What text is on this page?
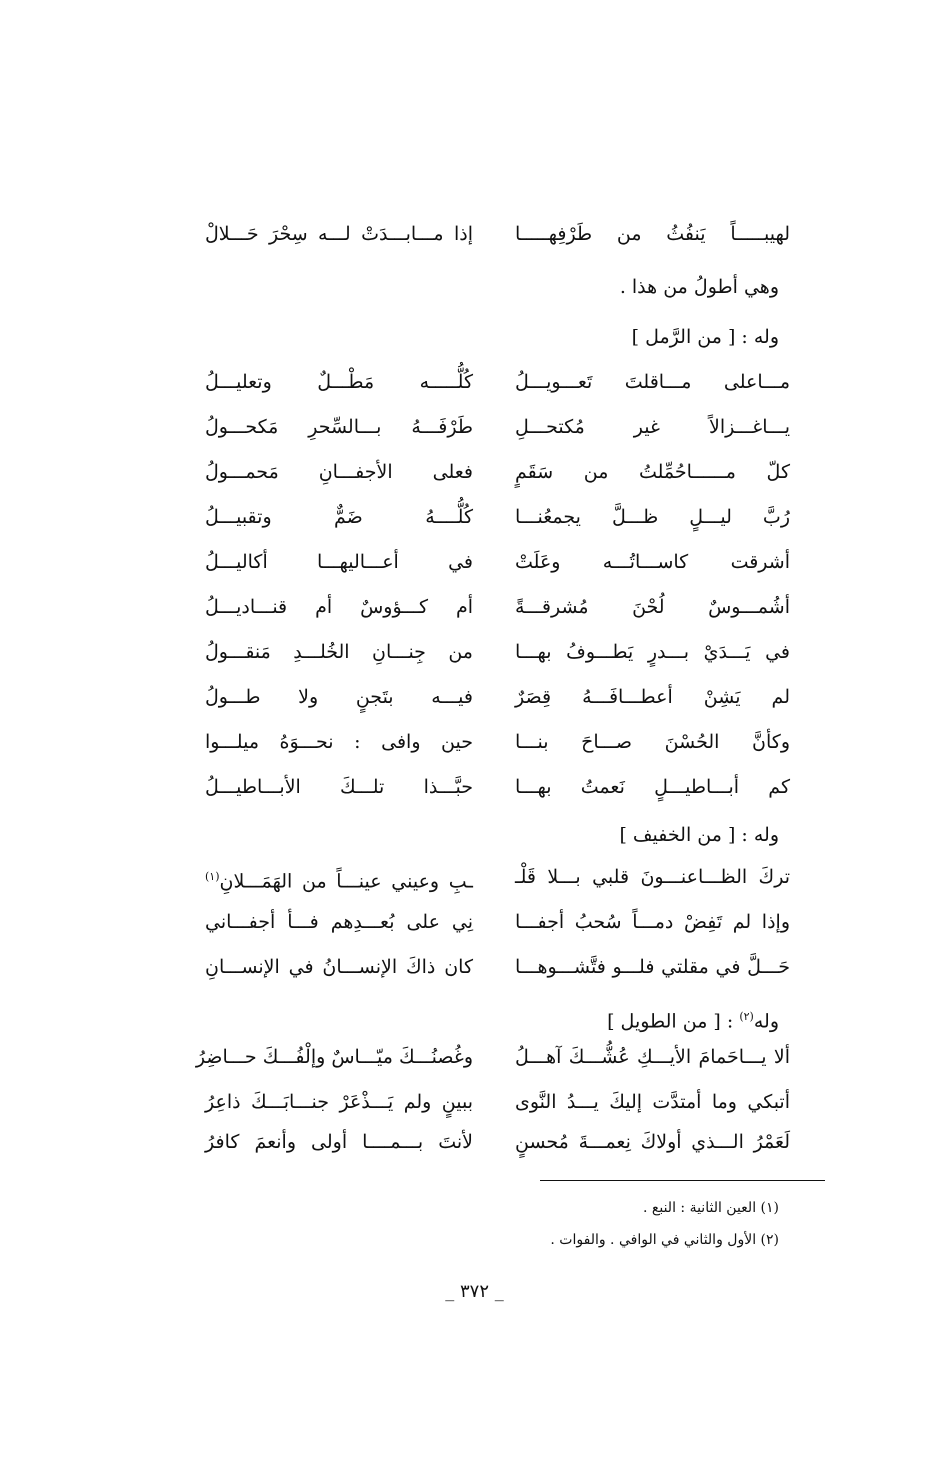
لهيبـــــاً يَنفُثُ من طَرْفِهـــــا
إذا مـــابـــدَتْ لـــه سِحْرَ حَـــلالْ
وهي أطولُ من هذا .
وله : [ من الرَّمل ]
مـــاعلى مـــاقلتَ تَعـــويـــلُ
كُلُّـــــه مَطْـــلٌ وتعليـــلُ
يـــاغـــزالاً غير مُكتحـــلِ
طَرْفَـــهُ بـــالسِّحرِ مَكحـــولُ
كلّ مــــــاحُمِّلتُ من سَقَمٍ
فعلى الأجفـــانِ مَحمـــولُ
رُبَّ ليـــلٍ ظـــلَّ يجمعُنـــا
كُلُّــــهُ ضَمٌّ وتقبيـــلُ
أشرقت كاســـاتُـــه وعَلَتْ
في أعـــاليهـــا أكاليـــلُ
أشُمـــوسٌ لُحْنَ مُشرقـــةً
أم كـــؤوسٌ أم قنـــاديـــلُ
في يَـــدَيْ بـــدرٍ يَطـــوفُ بهـــا
من جِنـــانِ الخُلـــدِ مَنقـــولُ
لم يَشِنْ أعطـــافَـــهُ قِصَرٌ
فيـــه بتَجنٍ ولا طـــولُ
وكأنَّ الحُسْنَ صـــاحَ بنـــا
حين وافى : نحـــوَهُ ميلـــوا
كم أبـــاطيـــلٍ نَعمتُ بهـــا
حبَّـــذا تلـــكَ الأبـــاطيـــلُ
وله : [ من الخفيف ]
تركَ الظـــاعنـــونَ قلبي بـــلا قَلْـ
ـبِ وعيني عينـــاً من الهَمَـــلانِ$^{(١)}$
وإذا لم تَفِضْ دمـــاً سُحبُ أجفـــا
نِي على بُعـــدِهم فـــأ أجفـــاني
حَـــلَّ في مقلتي فلـــو فتَّشـــوهـــا
كان ذاكَ الإنســـانُ في الإنســـانِ
وله$^{(٢)}$ : [ من الطويل ]
ألا يـــاحَمامَ الأيـــكِ عُشُّـــكَ آهـــلُ
وغُصنُـــكَ ميّـــاسٌ وإلْفُـــكَ حـــاضِرُ
أتبكي وما أمتدَّت إليكَ يـــدُ النَّوى
ببينٍ ولم يَـــذْعَرْ جنـــابَـــكَ ذاعِرُ
لَعَمْرُ الـــذي أولاكَ نِعمـــةَ مُحسنٍ
لأنتَ بـــمــــا أولى وأنعمَ كافرُ
(١) العين الثانية : النبع .
(٢) الأول والثاني في الوافي . والفوات .
_ ٣٧٢ _
